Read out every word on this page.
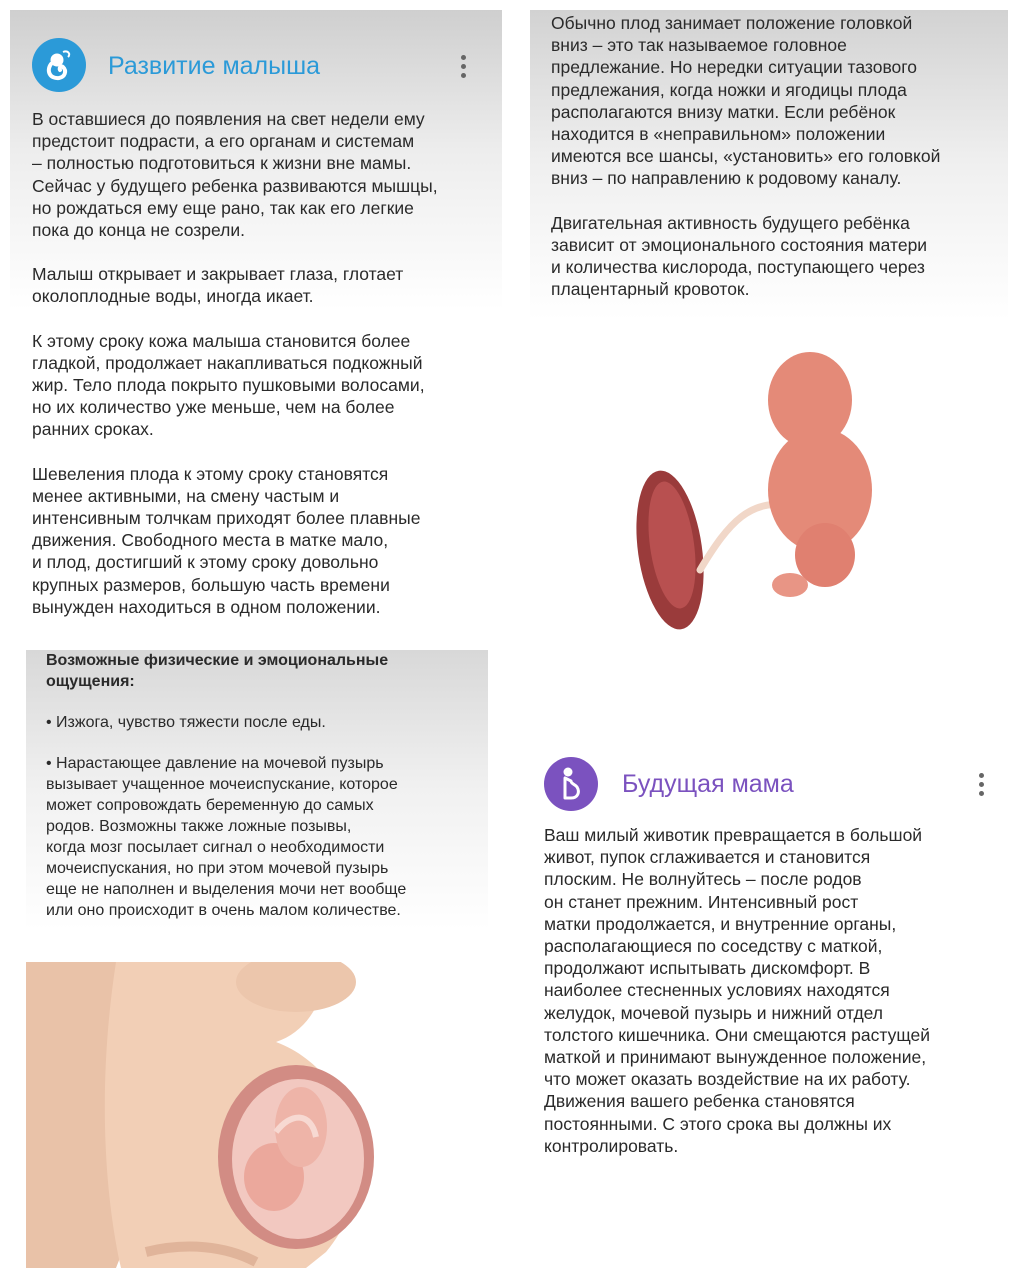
Развитие малыша

В оставшиеся до появления на свет недели ему
предстоит подрасти, а его органам и системам
– полностью подготовиться к жизни вне мамы.
Сейчас у будущего ребенка развиваются мышцы,
но рождаться ему еще рано, так как его легкие
пока до конца не созрели.

Малыш открывает и закрывает глаза, глотает
околоплодные воды, иногда икает.

К этому сроку кожа малыша становится более
гладкой, продолжает накапливаться подкожный
жир. Тело плода покрыто пушковыми волосами,
но их количество уже меньше, чем на более
ранних сроках.

Шевеления плода к этому сроку становятся
менее активными, на смену частым и
интенсивным толчкам приходят более плавные
движения. Свободного места в матке мало,
и плод, достигший к этому сроку довольно
крупных размеров, большую часть времени
вынужден находиться в одном положении.

Обычно плод занимает положение головкой
вниз – это так называемое головное
предлежание. Но нередки ситуации тазового
предлежания, когда ножки и ягодицы плода
располагаются внизу матки. Если ребёнок
находится в «неправильном» положении
имеются все шансы, «установить» его головкой
вниз – по направлению к родовому каналу.

Двигательная активность будущего ребёнка
зависит от эмоционального состояния матери
и количества кислорода, поступающего через
плацентарный кровоток.

Возможные физические и эмоциональные
ощущения:

• Изжога, чувство тяжести после еды.

• Нарастающее давление на мочевой пузырь
вызывает учащенное мочеиспускание, которое
может сопровождать беременную до самых
родов. Возможны также ложные позывы,
когда мозг посылает сигнал о необходимости
мочеиспускания, но при этом мочевой пузырь
еще не наполнен и выделения мочи нет вообще
или оно происходит в очень малом количестве.

Будущая мама

Ваш милый животик превращается в большой
живот, пупок сглаживается и становится
плоским. Не волнуйтесь – после родов
он станет прежним. Интенсивный рост
матки продолжается, и внутренние органы,
располагающиеся по соседству с маткой,
продолжают испытывать дискомфорт. В
наиболее стесненных условиях находятся
желудок, мочевой пузырь и нижний отдел
толстого кишечника. Они смещаются растущей
маткой и принимают вынужденное положение,
что может оказать воздействие на их работу.
Движения вашего ребенка становятся
постоянными. С этого срока вы должны их
контролировать.
